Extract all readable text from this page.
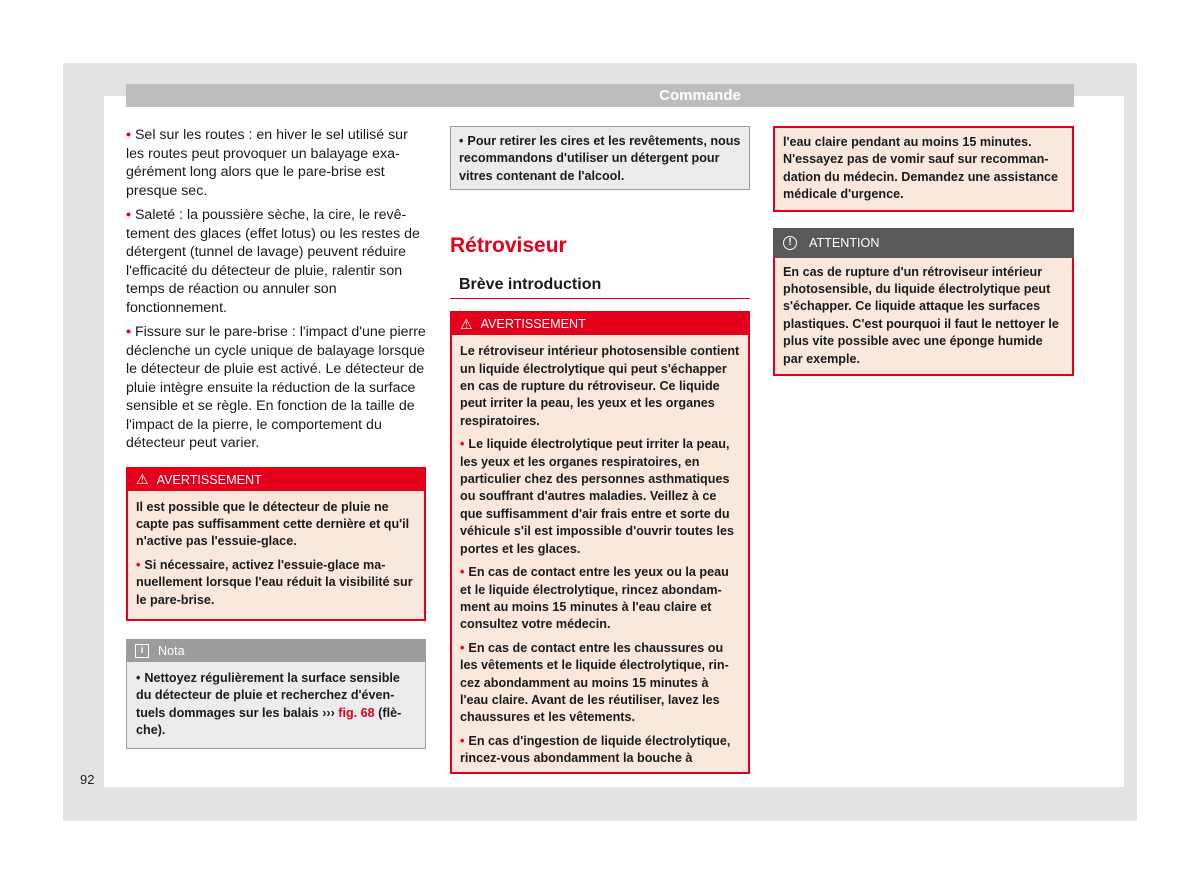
Commande

• Sel sur les routes : en hiver le sel utilisé sur les routes peut provoquer un balayage exagérément long alors que le pare-brise est presque sec.

• Saleté : la poussière sèche, la cire, le revêtement des glaces (effet lotus) ou les restes de détergent (tunnel de lavage) peuvent réduire l'efficacité du détecteur de pluie, ralentir son temps de réaction ou annuler son fonctionnement.

• Fissure sur le pare-brise : l'impact d'une pierre déclenche un cycle unique de balayage lorsque le détecteur de pluie est activé. Le détecteur de pluie intègre ensuite la réduction de la surface sensible et se règle. En fonction de la taille de l'impact de la pierre, le comportement du détecteur peut varier.

⚠ AVERTISSEMENT

Il est possible que le détecteur de pluie ne capte pas suffisamment cette dernière et qu'il n'active pas l'essuie-glace.

• Si nécessaire, activez l'essuie-glace manuellement lorsque l'eau réduit la visibilité sur le pare-brise.

i	Nota

• Nettoyez régulièrement la surface sensible du détecteur de pluie et recherchez d'éventuels dommages sur les balais ››› fig. 68 (flèche).

• Pour retirer les cires et les revêtements, nous recommandons d'utiliser un détergent pour vitres contenant de l'alcool.

Rétroviseur
Brève introduction
⚠ AVERTISSEMENT

Le rétroviseur intérieur photosensible contient un liquide électrolytique qui peut s'échapper en cas de rupture du rétroviseur. Ce liquide peut irriter la peau, les yeux et les organes respiratoires.

• Le liquide électrolytique peut irriter la peau, les yeux et les organes respiratoires, en particulier chez des personnes asthmatiques ou souffrant d'autres maladies. Veillez à ce que suffisamment d'air frais entre et sorte du véhicule s'il est impossible d'ouvrir toutes les portes et les glaces.

• En cas de contact entre les yeux ou la peau et le liquide électrolytique, rincez abondamment au moins 15 minutes à l'eau claire et consultez votre médecin.

• En cas de contact entre les chaussures ou les vêtements et le liquide électrolytique, rincez abondamment au moins 15 minutes à l'eau claire. Avant de les réutiliser, lavez les chaussures et les vêtements.

• En cas d'ingestion de liquide électrolytique, rincez-vous abondamment la bouche à

l'eau claire pendant au moins 15 minutes. N'essayez pas de vomir sauf sur recommandation du médecin. Demandez une assistance médicale d'urgence.

!	ATTENTION

En cas de rupture d'un rétroviseur intérieur photosensible, du liquide électrolytique peut s'échapper. Ce liquide attaque les surfaces plastiques. C'est pourquoi il faut le nettoyer le plus vite possible avec une éponge humide par exemple.

92
